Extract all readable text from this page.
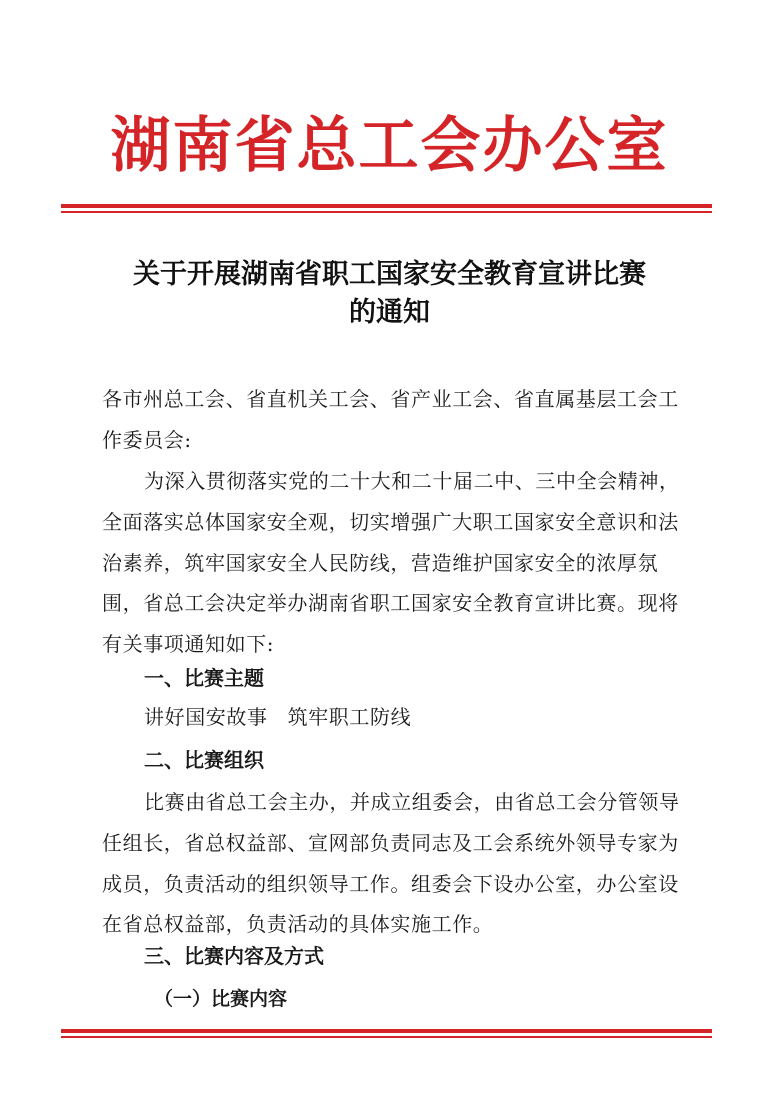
湖南省总工会办公室
关于开展湖南省职工国家安全教育宣讲比赛
的通知
各市州总工会、省直机关工会、省产业工会、省直属基层工会工作委员会:
为深入贯彻落实党的二十大和二十届二中、三中全会精神，全面落实总体国家安全观，切实增强广大职工国家安全意识和法治素养，筑牢国家安全人民防线，营造维护国家安全的浓厚氛围，省总工会决定举办湖南省职工国家安全教育宣讲比赛。现将有关事项通知如下:
一、比赛主题
讲好国安故事 筑牢职工防线
二、比赛组织
比赛由省总工会主办，并成立组委会，由省总工会分管领导任组长，省总权益部、宣网部负责同志及工会系统外领导专家为成员，负责活动的组织领导工作。组委会下设办公室，办公室设在省总权益部，负责活动的具体实施工作。
三、比赛内容及方式
（一）比赛内容
